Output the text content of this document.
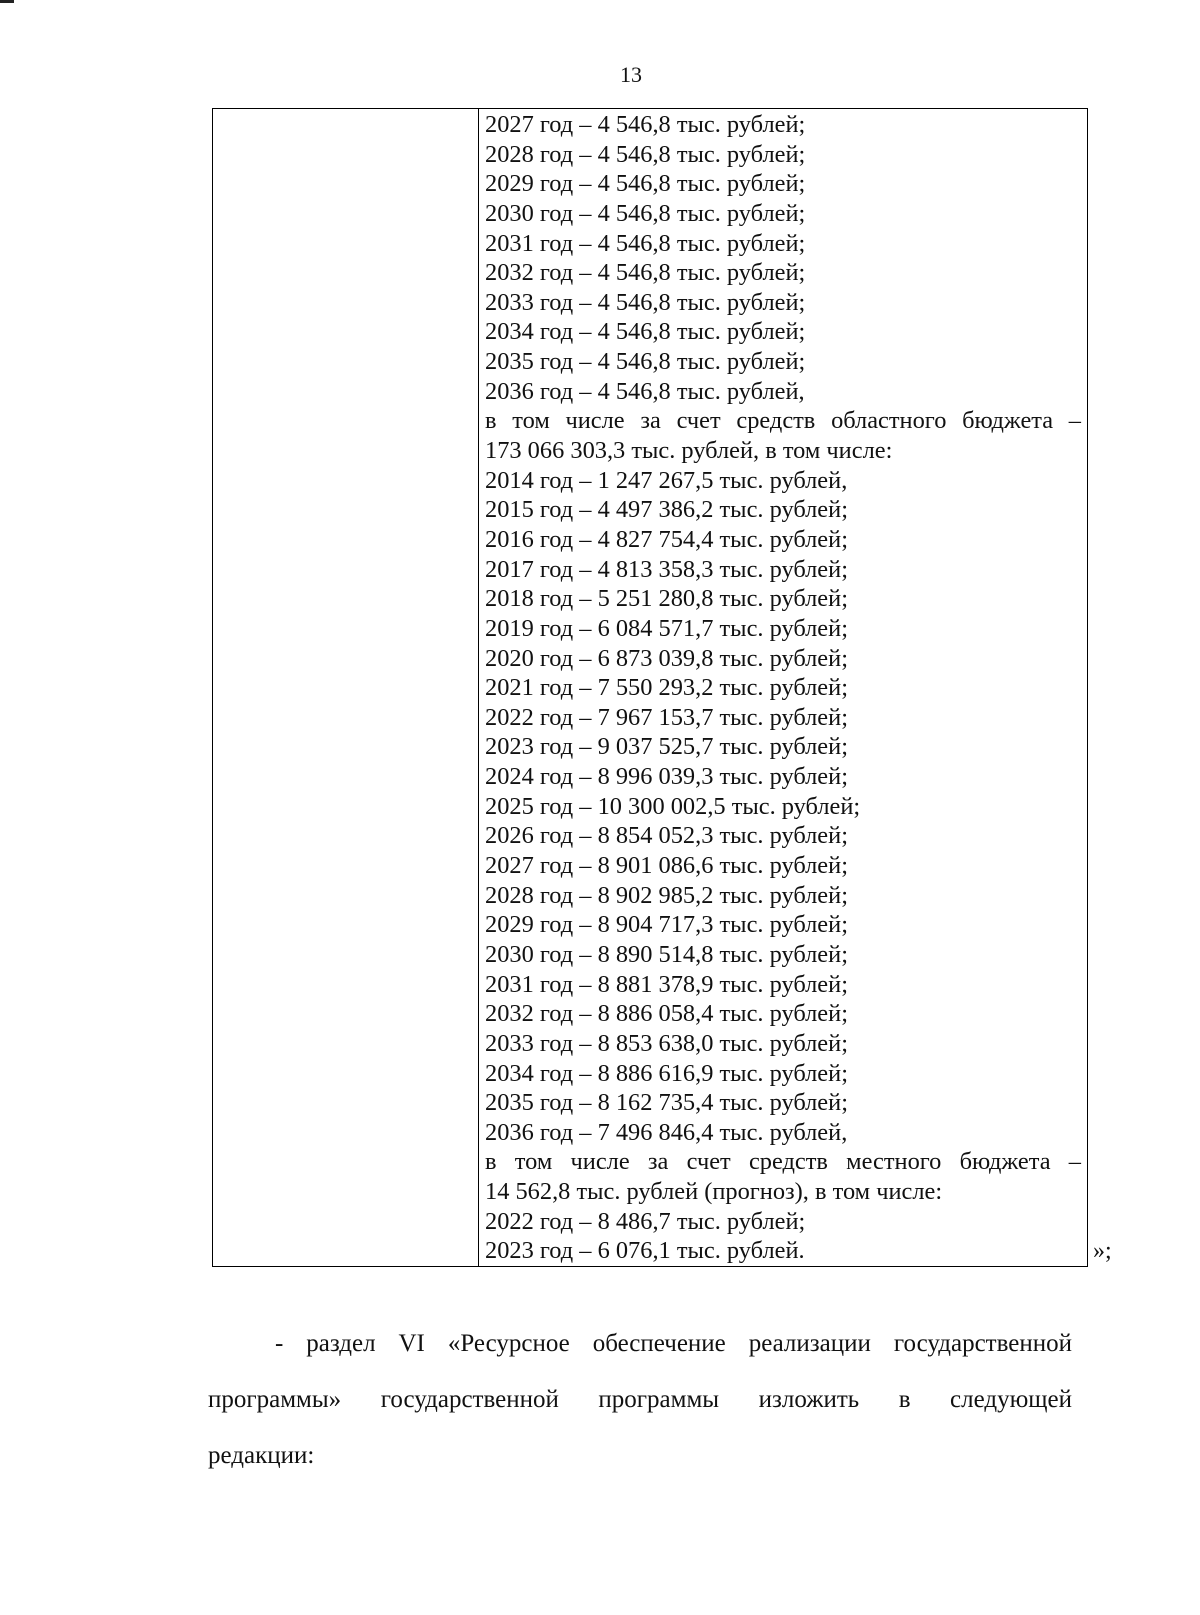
13
2027 год – 4 546,8 тыс. рублей;
2028 год – 4 546,8 тыс. рублей;
2029 год – 4 546,8 тыс. рублей;
2030 год – 4 546,8 тыс. рублей;
2031 год – 4 546,8 тыс. рублей;
2032 год – 4 546,8 тыс. рублей;
2033 год – 4 546,8 тыс. рублей;
2034 год – 4 546,8 тыс. рублей;
2035 год – 4 546,8 тыс. рублей;
2036 год – 4 546,8 тыс. рублей,
в том числе за счет средств областного бюджета –
173 066 303,3 тыс. рублей, в том числе:
2014 год – 1 247 267,5 тыс. рублей,
2015 год – 4 497 386,2 тыс. рублей;
2016 год – 4 827 754,4 тыс. рублей;
2017 год – 4 813 358,3 тыс. рублей;
2018 год – 5 251 280,8 тыс. рублей;
2019 год – 6 084 571,7 тыс. рублей;
2020 год – 6 873 039,8 тыс. рублей;
2021 год – 7 550 293,2 тыс. рублей;
2022 год – 7 967 153,7 тыс. рублей;
2023 год – 9 037 525,7 тыс. рублей;
2024 год – 8 996 039,3 тыс. рублей;
2025 год – 10 300 002,5 тыс. рублей;
2026 год – 8 854 052,3 тыс. рублей;
2027 год – 8 901 086,6 тыс. рублей;
2028 год – 8 902 985,2 тыс. рублей;
2029 год – 8 904 717,3 тыс. рублей;
2030 год – 8 890 514,8 тыс. рублей;
2031 год – 8 881 378,9 тыс. рублей;
2032 год – 8 886 058,4 тыс. рублей;
2033 год – 8 853 638,0 тыс. рублей;
2034 год – 8 886 616,9 тыс. рублей;
2035 год – 8 162 735,4 тыс. рублей;
2036 год – 7 496 846,4 тыс. рублей,
в том числе за счет средств местного бюджета –
14 562,8 тыс. рублей (прогноз), в том числе:
2022 год – 8 486,7 тыс. рублей;
2023 год – 6 076,1 тыс. рублей.	»;
- раздел VI «Ресурсное обеспечение реализации государственной
программы» государственной программы изложить в следующей
редакции:
